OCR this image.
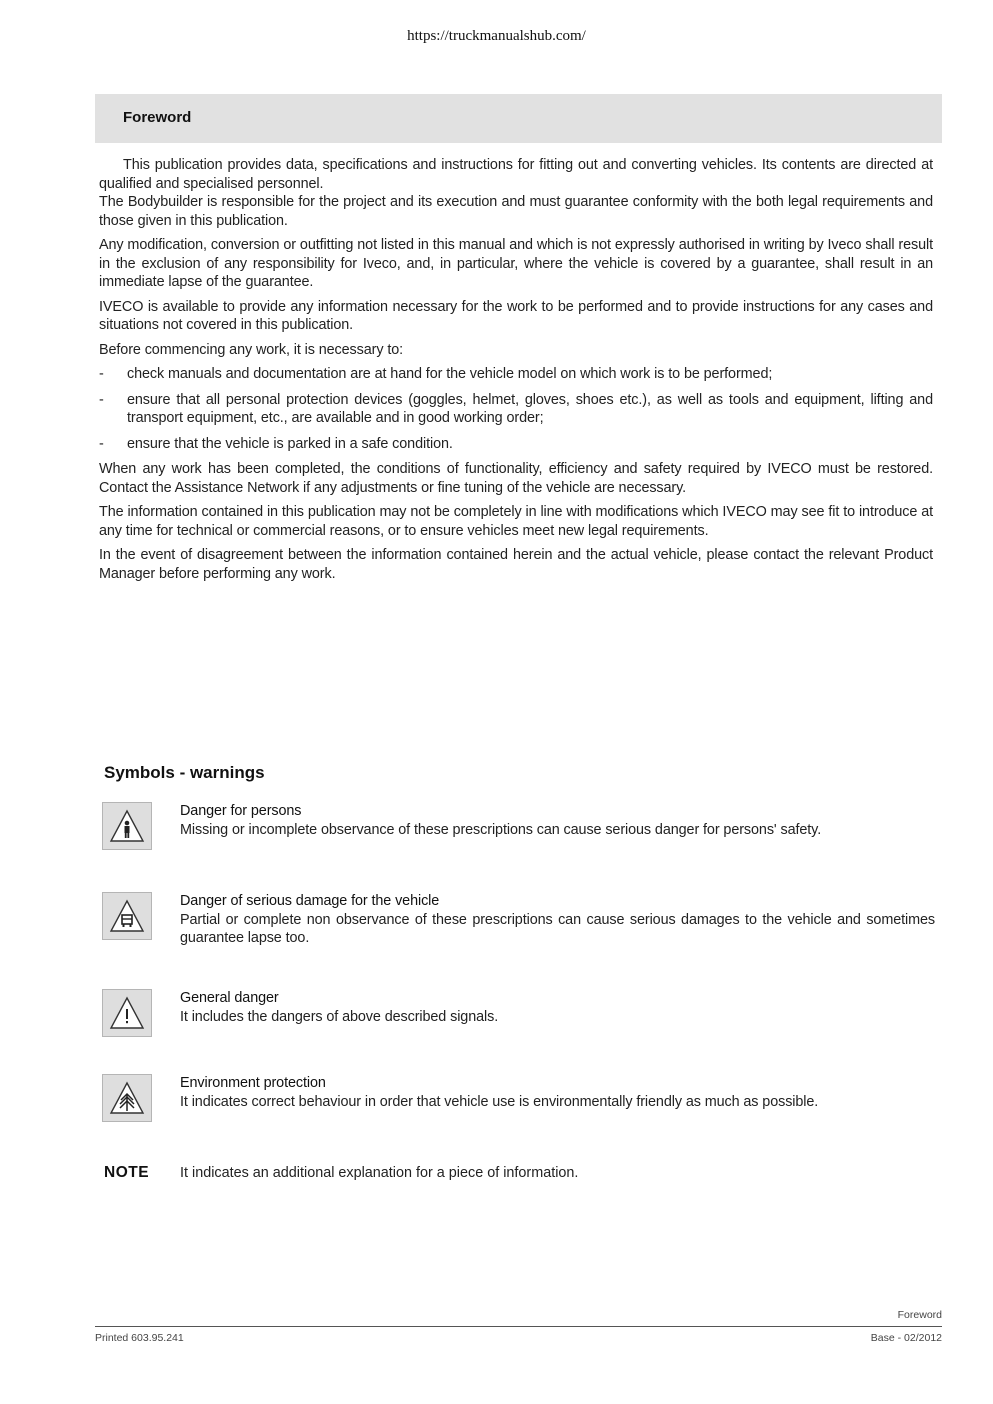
https://truckmanualshub.com/
Foreword

This publication provides data, specifications and instructions for fitting out and converting vehicles. Its contents are directed at qualified and specialised personnel.

The Bodybuilder is responsible for the project and its execution and must guarantee conformity with the both legal requirements and those given in this publication.

Any modification, conversion or outfitting not listed in this manual and which is not expressly authorised in writing by Iveco shall result in the exclusion of any responsibility for Iveco, and, in particular, where the vehicle is covered by a guarantee, shall result in an immediate lapse of the guarantee.

IVECO is available to provide any information necessary for the work to be performed and to provide instructions for any cases and situations not covered in this publication.

Before commencing any work, it is necessary to:

- check manuals and documentation are at hand for the vehicle model on which work is to be performed;
- ensure that all personal protection devices (goggles, helmet, gloves, shoes etc.), as well as tools and equipment, lifting and transport equipment, etc., are available and in good working order;
- ensure that the vehicle is parked in a safe condition.

When any work has been completed, the conditions of functionality, efficiency and safety required by IVECO must be restored. Contact the Assistance Network if any adjustments or fine tuning of the vehicle are necessary.

The information contained in this publication may not be completely in line with modifications which IVECO may see fit to introduce at any time for technical or commercial reasons, or to ensure vehicles meet new legal requirements.

In the event of disagreement between the information contained herein and the actual vehicle, please contact the relevant Product Manager before performing any work.

Symbols - warnings
Danger for persons
Missing or incomplete observance of these prescriptions can cause serious danger for persons' safety.
Danger of serious damage for the vehicle
Partial or complete non observance of these prescriptions can cause serious damages to the vehicle and sometimes guarantee lapse too.
General danger
It includes the dangers of above described signals.
Environment protection
It indicates correct behaviour in order that vehicle use is environmentally friendly as much as possible.
NOTE It indicates an additional explanation for a piece of information.
Foreword
Printed 603.95.241	Base - 02/2012
